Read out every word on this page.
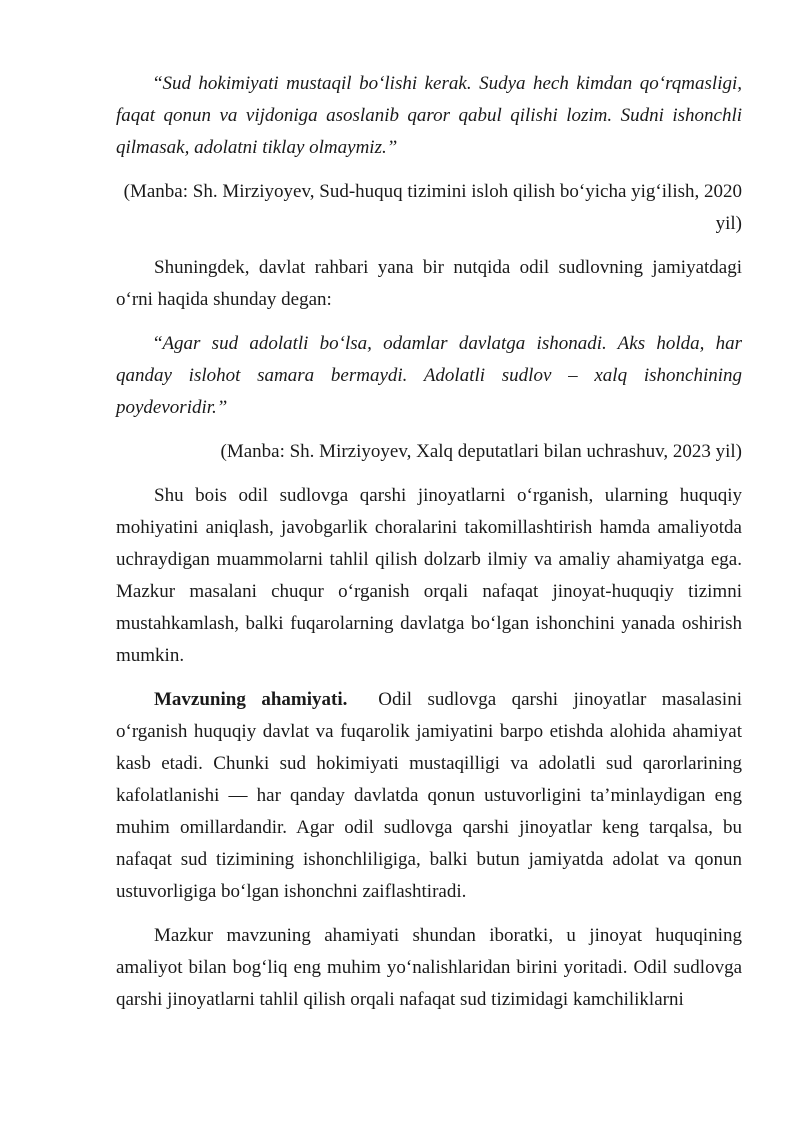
“Sud hokimiyati mustaqil bo‘lishi kerak. Sudya hech kimdan qo‘rqmasligi, faqat qonun va vijdoniga asoslanib qaror qabul qilishi lozim. Sudni ishonchli qilmasak, adolatni tiklay olmaymiz.”

(Manba: Sh. Mirziyoyev, Sud-huquq tizimini isloh qilish bo‘yicha yig‘ilish, 2020 yil)

Shuningdek, davlat rahbari yana bir nutqida odil sudlovning jamiyatdagi o‘rni haqida shunday degan:

“Agar sud adolatli bo‘lsa, odamlar davlatga ishonadi. Aks holda, har qanday islohot samara bermaydi. Adolatli sudlov – xalq ishonchining poydevoridir.”

(Manba: Sh. Mirziyoyev, Xalq deputatlari bilan uchrashuv, 2023 yil)

Shu bois odil sudlovga qarshi jinoyatlarni o‘rganish, ularning huquqiy mohiyatini aniqlash, javobgarlik choralarini takomillashtirish hamda amaliyotda uchraydigan muammolarni tahlil qilish dolzarb ilmiy va amaliy ahamiyatga ega. Mazkur masalani chuqur o‘rganish orqali nafaqat jinoyat-huquqiy tizimni mustahkamlash, balki fuqarolarning davlatga bo‘lgan ishonchini yanada oshirish mumkin.

Mavzuning ahamiyati. Odil sudlovga qarshi jinoyatlar masalasini o‘rganish huquqiy davlat va fuqarolik jamiyatini barpo etishda alohida ahamiyat kasb etadi. Chunki sud hokimiyati mustaqilligi va adolatli sud qarorlarining kafolatlanishi — har qanday davlatda qonun ustuvorligini ta’minlaydigan eng muhim omillardandir. Agar odil sudlovga qarshi jinoyatlar keng tarqalsa, bu nafaqat sud tizimining ishonchliligiga, balki butun jamiyatda adolat va qonun ustuvorligiga bo‘lgan ishonchni zaiflashtiradi.

Mazkur mavzuning ahamiyati shundan iboratki, u jinoyat huquqining amaliyot bilan bog‘liq eng muhim yo‘nalishlaridan birini yoritadi. Odil sudlovga qarshi jinoyatlarni tahlil qilish orqali nafaqat sud tizimidagi kamchiliklarni
